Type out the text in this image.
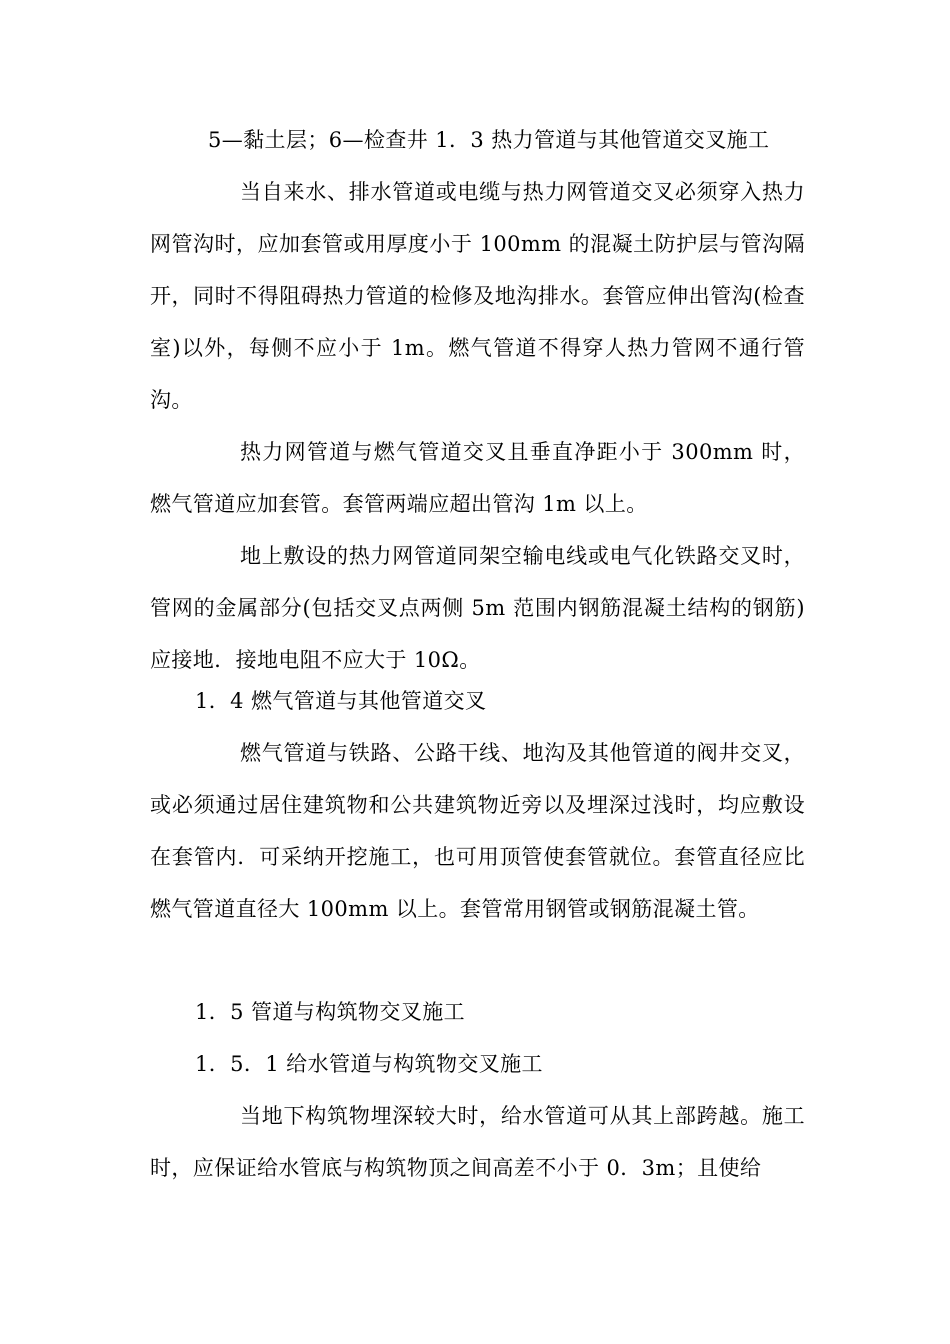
5—黏土层；6—检查井 1．3 热力管道与其他管道交叉施工

当自来水、排水管道或电缆与热力网管道交叉必须穿入热力网管沟时，应加套管或用厚度小于 100mm 的混凝土防护层与管沟隔开，同时不得阻碍热力管道的检修及地沟排水。套管应伸出管沟(检查室)以外，每侧不应小于 1m。燃气管道不得穿人热力管网不通行管沟。

热力网管道与燃气管道交叉且垂直净距小于 300mm 时，燃气管道应加套管。套管两端应超出管沟 1m 以上。

地上敷设的热力网管道同架空输电线或电气化铁路交叉时，管网的金属部分(包括交叉点两侧 5m 范围内钢筋混凝土结构的钢筋)应接地．接地电阻不应大于 10Ω。

1．4 燃气管道与其他管道交叉

燃气管道与铁路、公路干线、地沟及其他管道的阀井交叉，或必须通过居住建筑物和公共建筑物近旁以及埋深过浅时，均应敷设在套管内．可采纳开挖施工，也可用顶管使套管就位。套管直径应比燃气管道直径大 100mm 以上。套管常用钢管或钢筋混凝土管。

1．5 管道与构筑物交叉施工

1．5．1 给水管道与构筑物交叉施工

当地下构筑物埋深较大时，给水管道可从其上部跨越。施工时，应保证给水管底与构筑物顶之间高差不小于 0．3m；且使给
